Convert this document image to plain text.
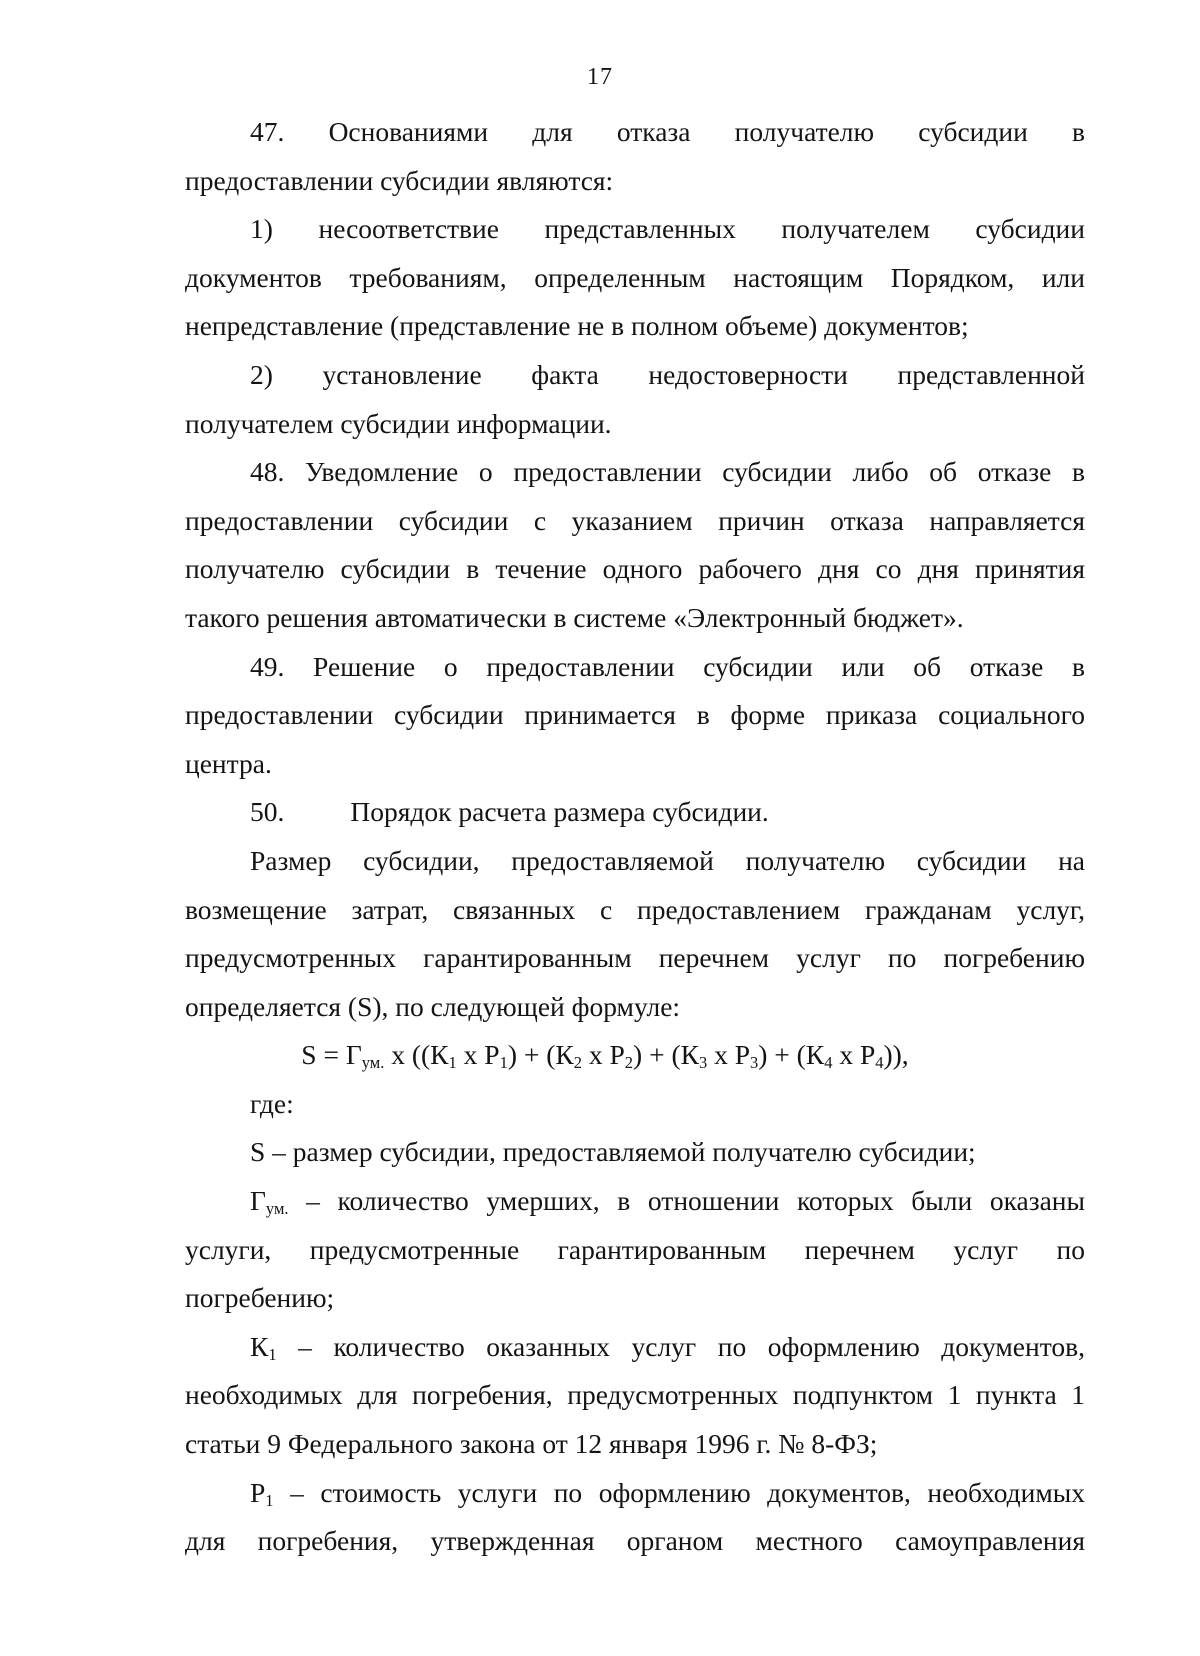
17
47. Основаниями для отказа получателю субсидии в
предоставлении субсидии являются:
1) несоответствие представленных получателем субсидии
документов требованиям, определенным настоящим Порядком, или
непредставление (представление не в полном объеме) документов;
2) установление факта недостоверности представленной
получателем субсидии информации.
48. Уведомление о предоставлении субсидии либо об отказе в
предоставлении субсидии с указанием причин отказа направляется
получателю субсидии в течение одного рабочего дня со дня принятия
такого решения автоматически в системе «Электронный бюджет».
49. Решение о предоставлении субсидии или об отказе в
предоставлении субсидии принимается в форме приказа социального
центра.
50. Порядок расчета размера субсидии.
Размер субсидии, предоставляемой получателю субсидии на
возмещение затрат, связанных с предоставлением гражданам услуг,
предусмотренных гарантированным перечнем услуг по погребению
определяется (S), по следующей формуле:
$S = Г_{ум.}$ x (($К_1$ x $Р_1) + (К_2$ x $Р_2) + (К_3$ x $Р_3) + (К_4$ x $Р_4$)),
где:
S – размер субсидии, предоставляемой получателю субсидии;
$Г_{ум.}$ – количество умерших, в отношении которых были оказаны
услуги, предусмотренные гарантированным перечнем услуг по
погребению;
$К_1$ – количество оказанных услуг по оформлению документов,
необходимых для погребения, предусмотренных подпунктом 1 пункта 1
статьи 9 Федерального закона от 12 января 1996 г. № 8-ФЗ;
$Р_1$ – стоимость услуги по оформлению документов, необходимых
для погребения, утвержденная органом местного самоуправления
